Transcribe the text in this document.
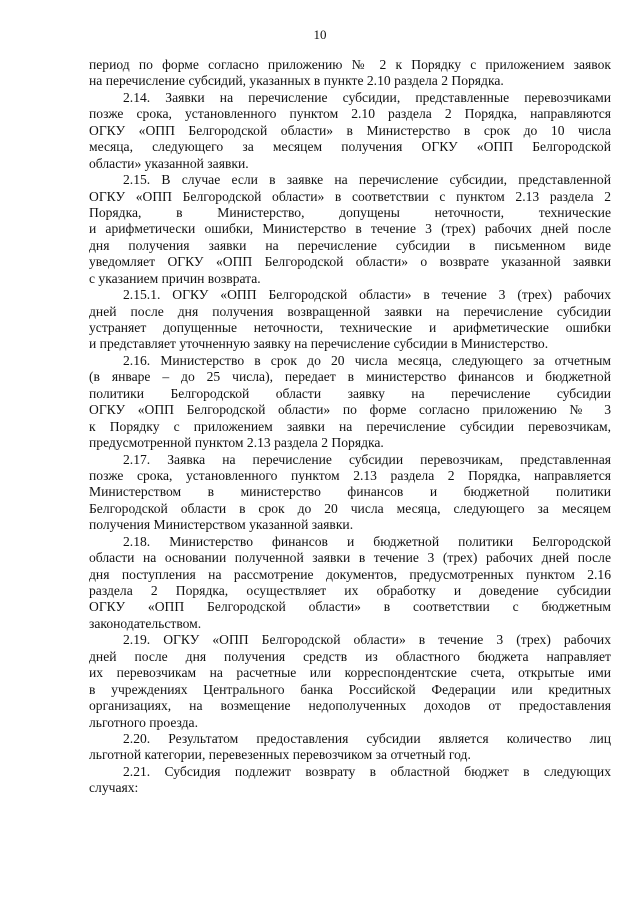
10
период по форме согласно приложению № 2 к Порядку с приложением заявок
на перечисление субсидий, указанных в пункте 2.10 раздела 2 Порядка.
2.14. Заявки на перечисление субсидии, представленные перевозчиками
позже срока, установленного пунктом 2.10 раздела 2 Порядка, направляются
ОГКУ «ОПП Белгородской области» в Министерство в срок до 10 числа
месяца, следующего за месяцем получения ОГКУ «ОПП Белгородской
области» указанной заявки.
2.15. В случае если в заявке на перечисление субсидии, представленной
ОГКУ «ОПП Белгородской области» в соответствии с пунктом 2.13 раздела 2
Порядка, в Министерство, допущены неточности, технические
и арифметически ошибки, Министерство в течение 3 (трех) рабочих дней после
дня получения заявки на перечисление субсидии в письменном виде
уведомляет ОГКУ «ОПП Белгородской области» о возврате указанной заявки
с указанием причин возврата.
2.15.1. ОГКУ «ОПП Белгородской области» в течение 3 (трех) рабочих
дней после дня получения возвращенной заявки на перечисление субсидии
устраняет допущенные неточности, технические и арифметические ошибки
и представляет уточненную заявку на перечисление субсидии в Министерство.
2.16. Министерство в срок до 20 числа месяца, следующего за отчетным
(в январе – до 25 числа), передает в министерство финансов и бюджетной
политики Белгородской области заявку на перечисление субсидии
ОГКУ «ОПП Белгородской области» по форме согласно приложению № 3
к Порядку с приложением заявки на перечисление субсидии перевозчикам,
предусмотренной пунктом 2.13 раздела 2 Порядка.
2.17. Заявка на перечисление субсидии перевозчикам, представленная
позже срока, установленного пунктом 2.13 раздела 2 Порядка, направляется
Министерством в министерство финансов и бюджетной политики
Белгородской области в срок до 20 числа месяца, следующего за месяцем
получения Министерством указанной заявки.
2.18. Министерство финансов и бюджетной политики Белгородской
области на основании полученной заявки в течение 3 (трех) рабочих дней после
дня поступления на рассмотрение документов, предусмотренных пунктом 2.16
раздела 2 Порядка, осуществляет их обработку и доведение субсидии
ОГКУ «ОПП Белгородской области» в соответствии с бюджетным
законодательством.
2.19. ОГКУ «ОПП Белгородской области» в течение 3 (трех) рабочих
дней после дня получения средств из областного бюджета направляет
их перевозчикам на расчетные или корреспондентские счета, открытые ими
в учреждениях Центрального банка Российской Федерации или кредитных
организациях, на возмещение недополученных доходов от предоставления
льготного проезда.
2.20. Результатом предоставления субсидии является количество лиц
льготной категории, перевезенных перевозчиком за отчетный год.
2.21. Субсидия подлежит возврату в областной бюджет в следующих
случаях:
